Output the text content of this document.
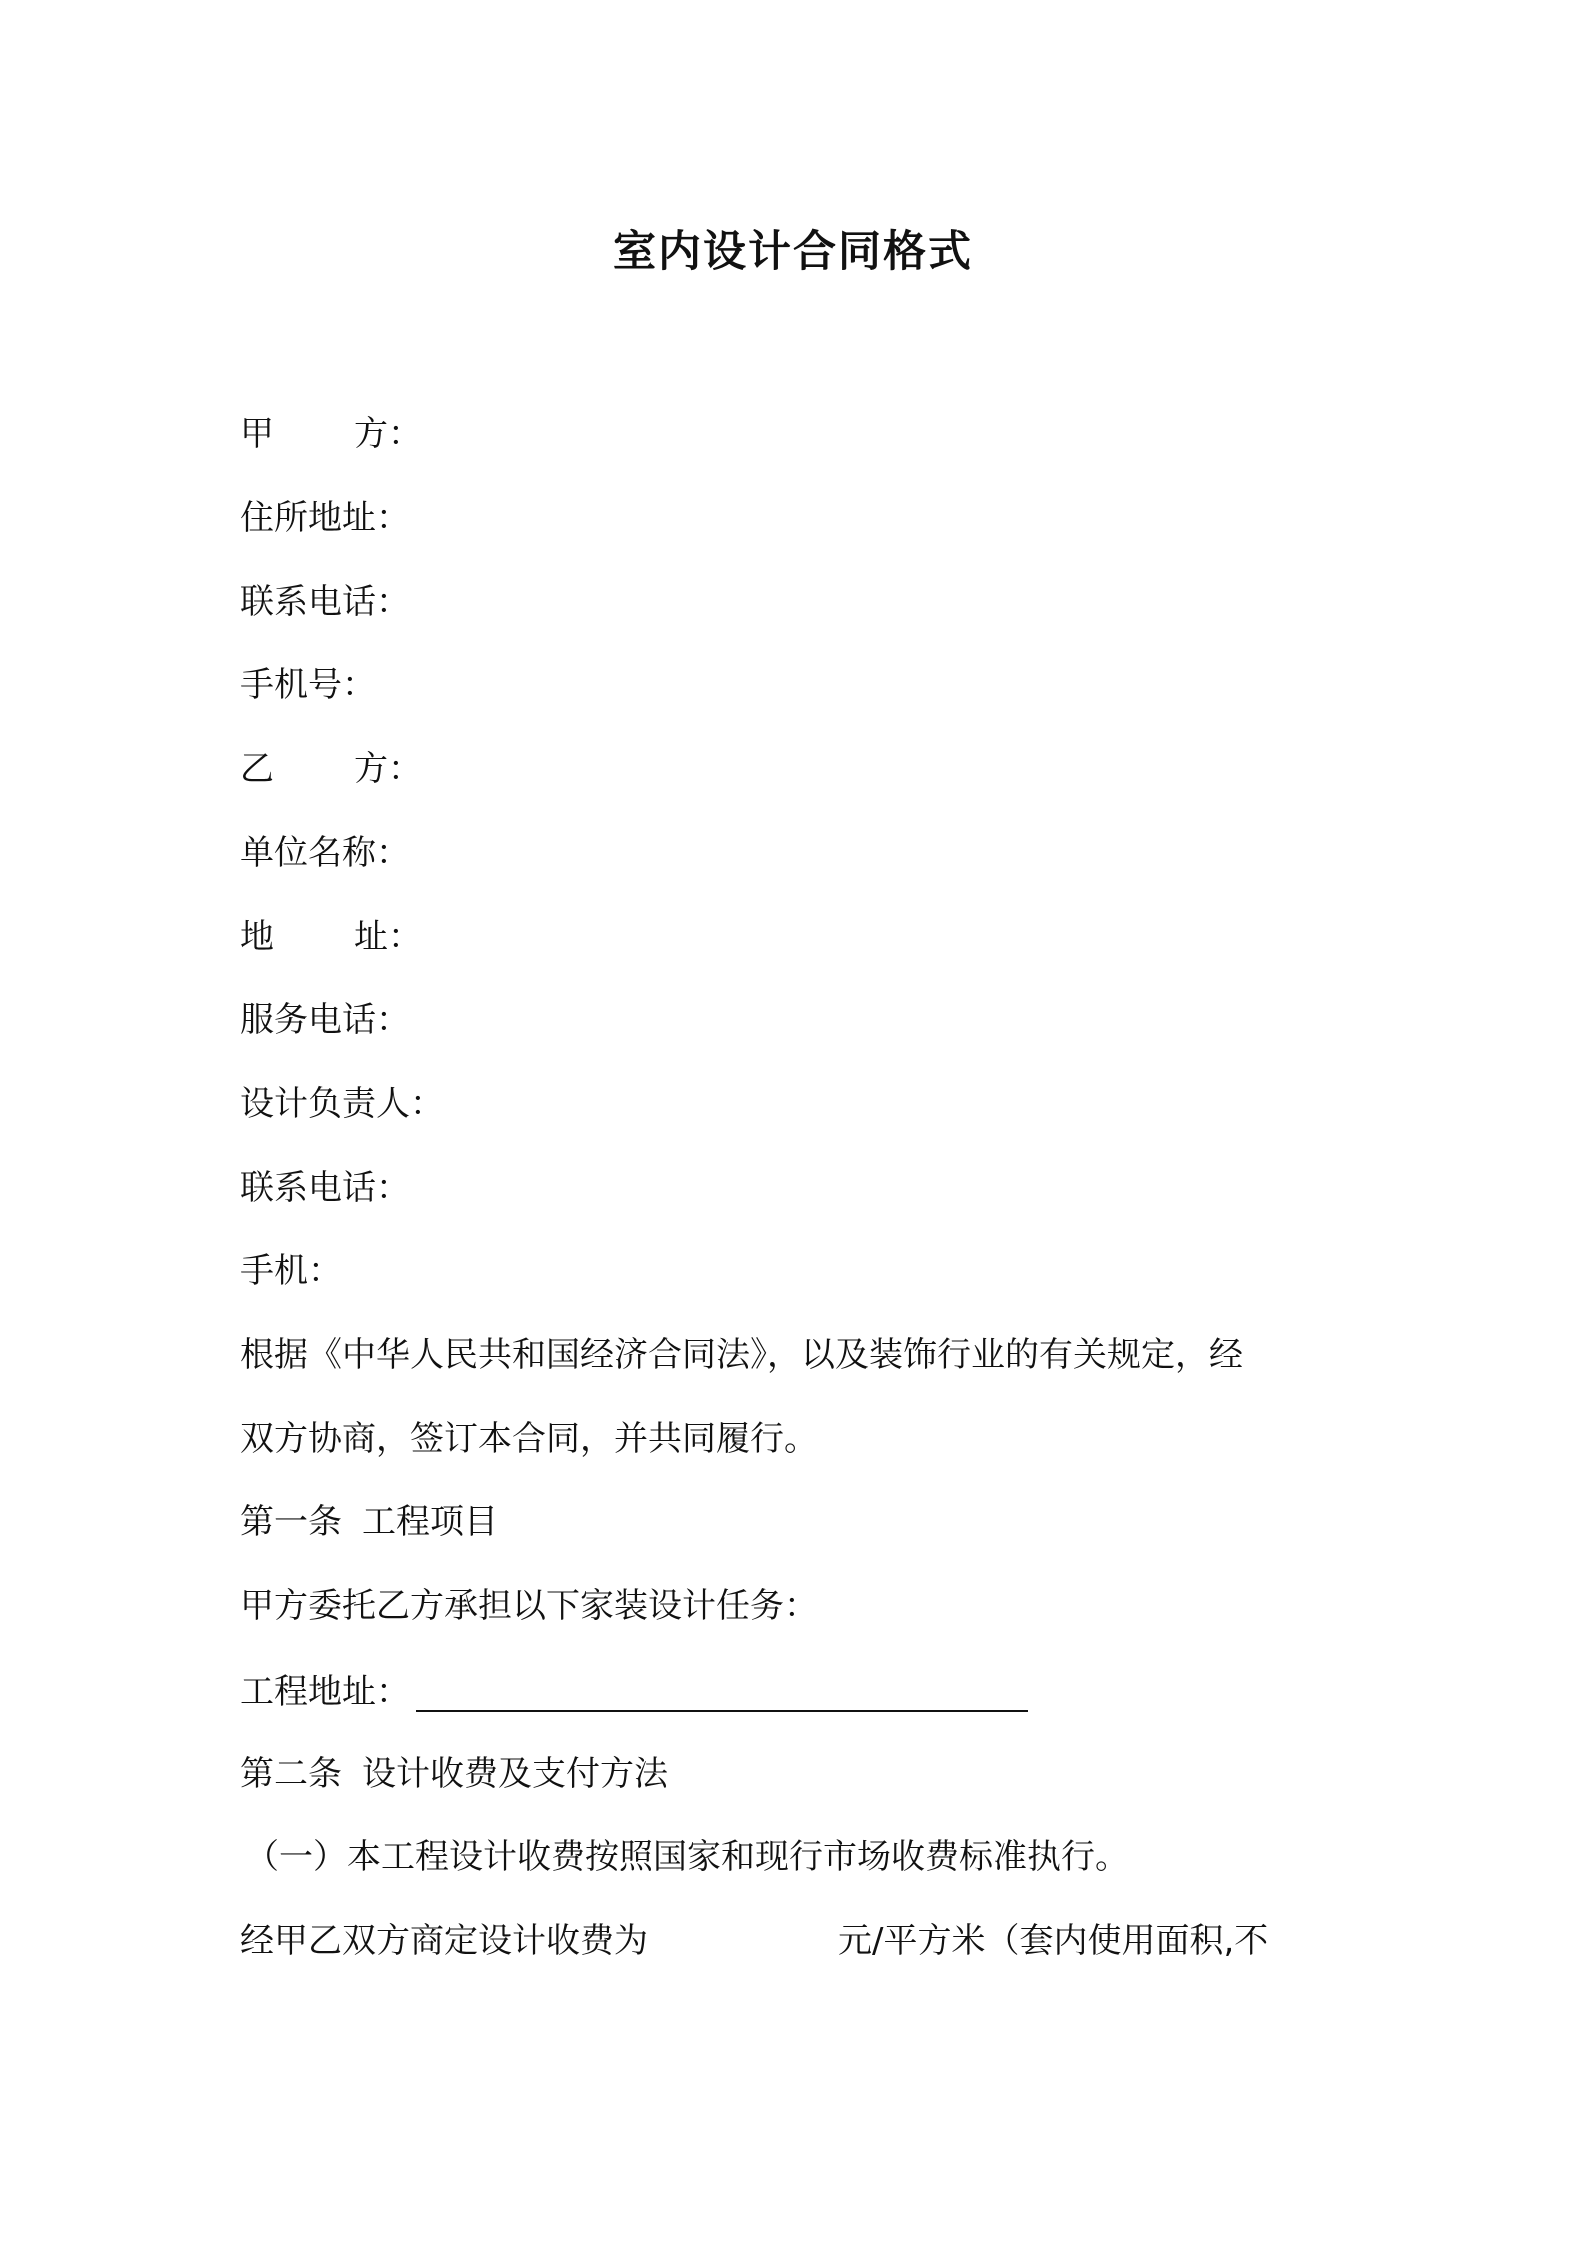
室内设计合同格式

甲 方：

住所地址：

联系电话：

手机号：

乙 方：

单位名称：

地 址：

服务电话：

设计负责人：

联系电话：

手机：

根据《中华人民共和国经济合同法》，以及装饰行业的有关规定，经

双方协商，签订本合同，并共同履行。

第一条 工程项目

甲方委托乙方承担以下家装设计任务：

工程地址：

第二条 设计收费及支付方法

（一）本工程设计收费按照国家和现行市场收费标准执行。

经甲乙双方商定设计收费为	元/平方米（套内使用面积,不
